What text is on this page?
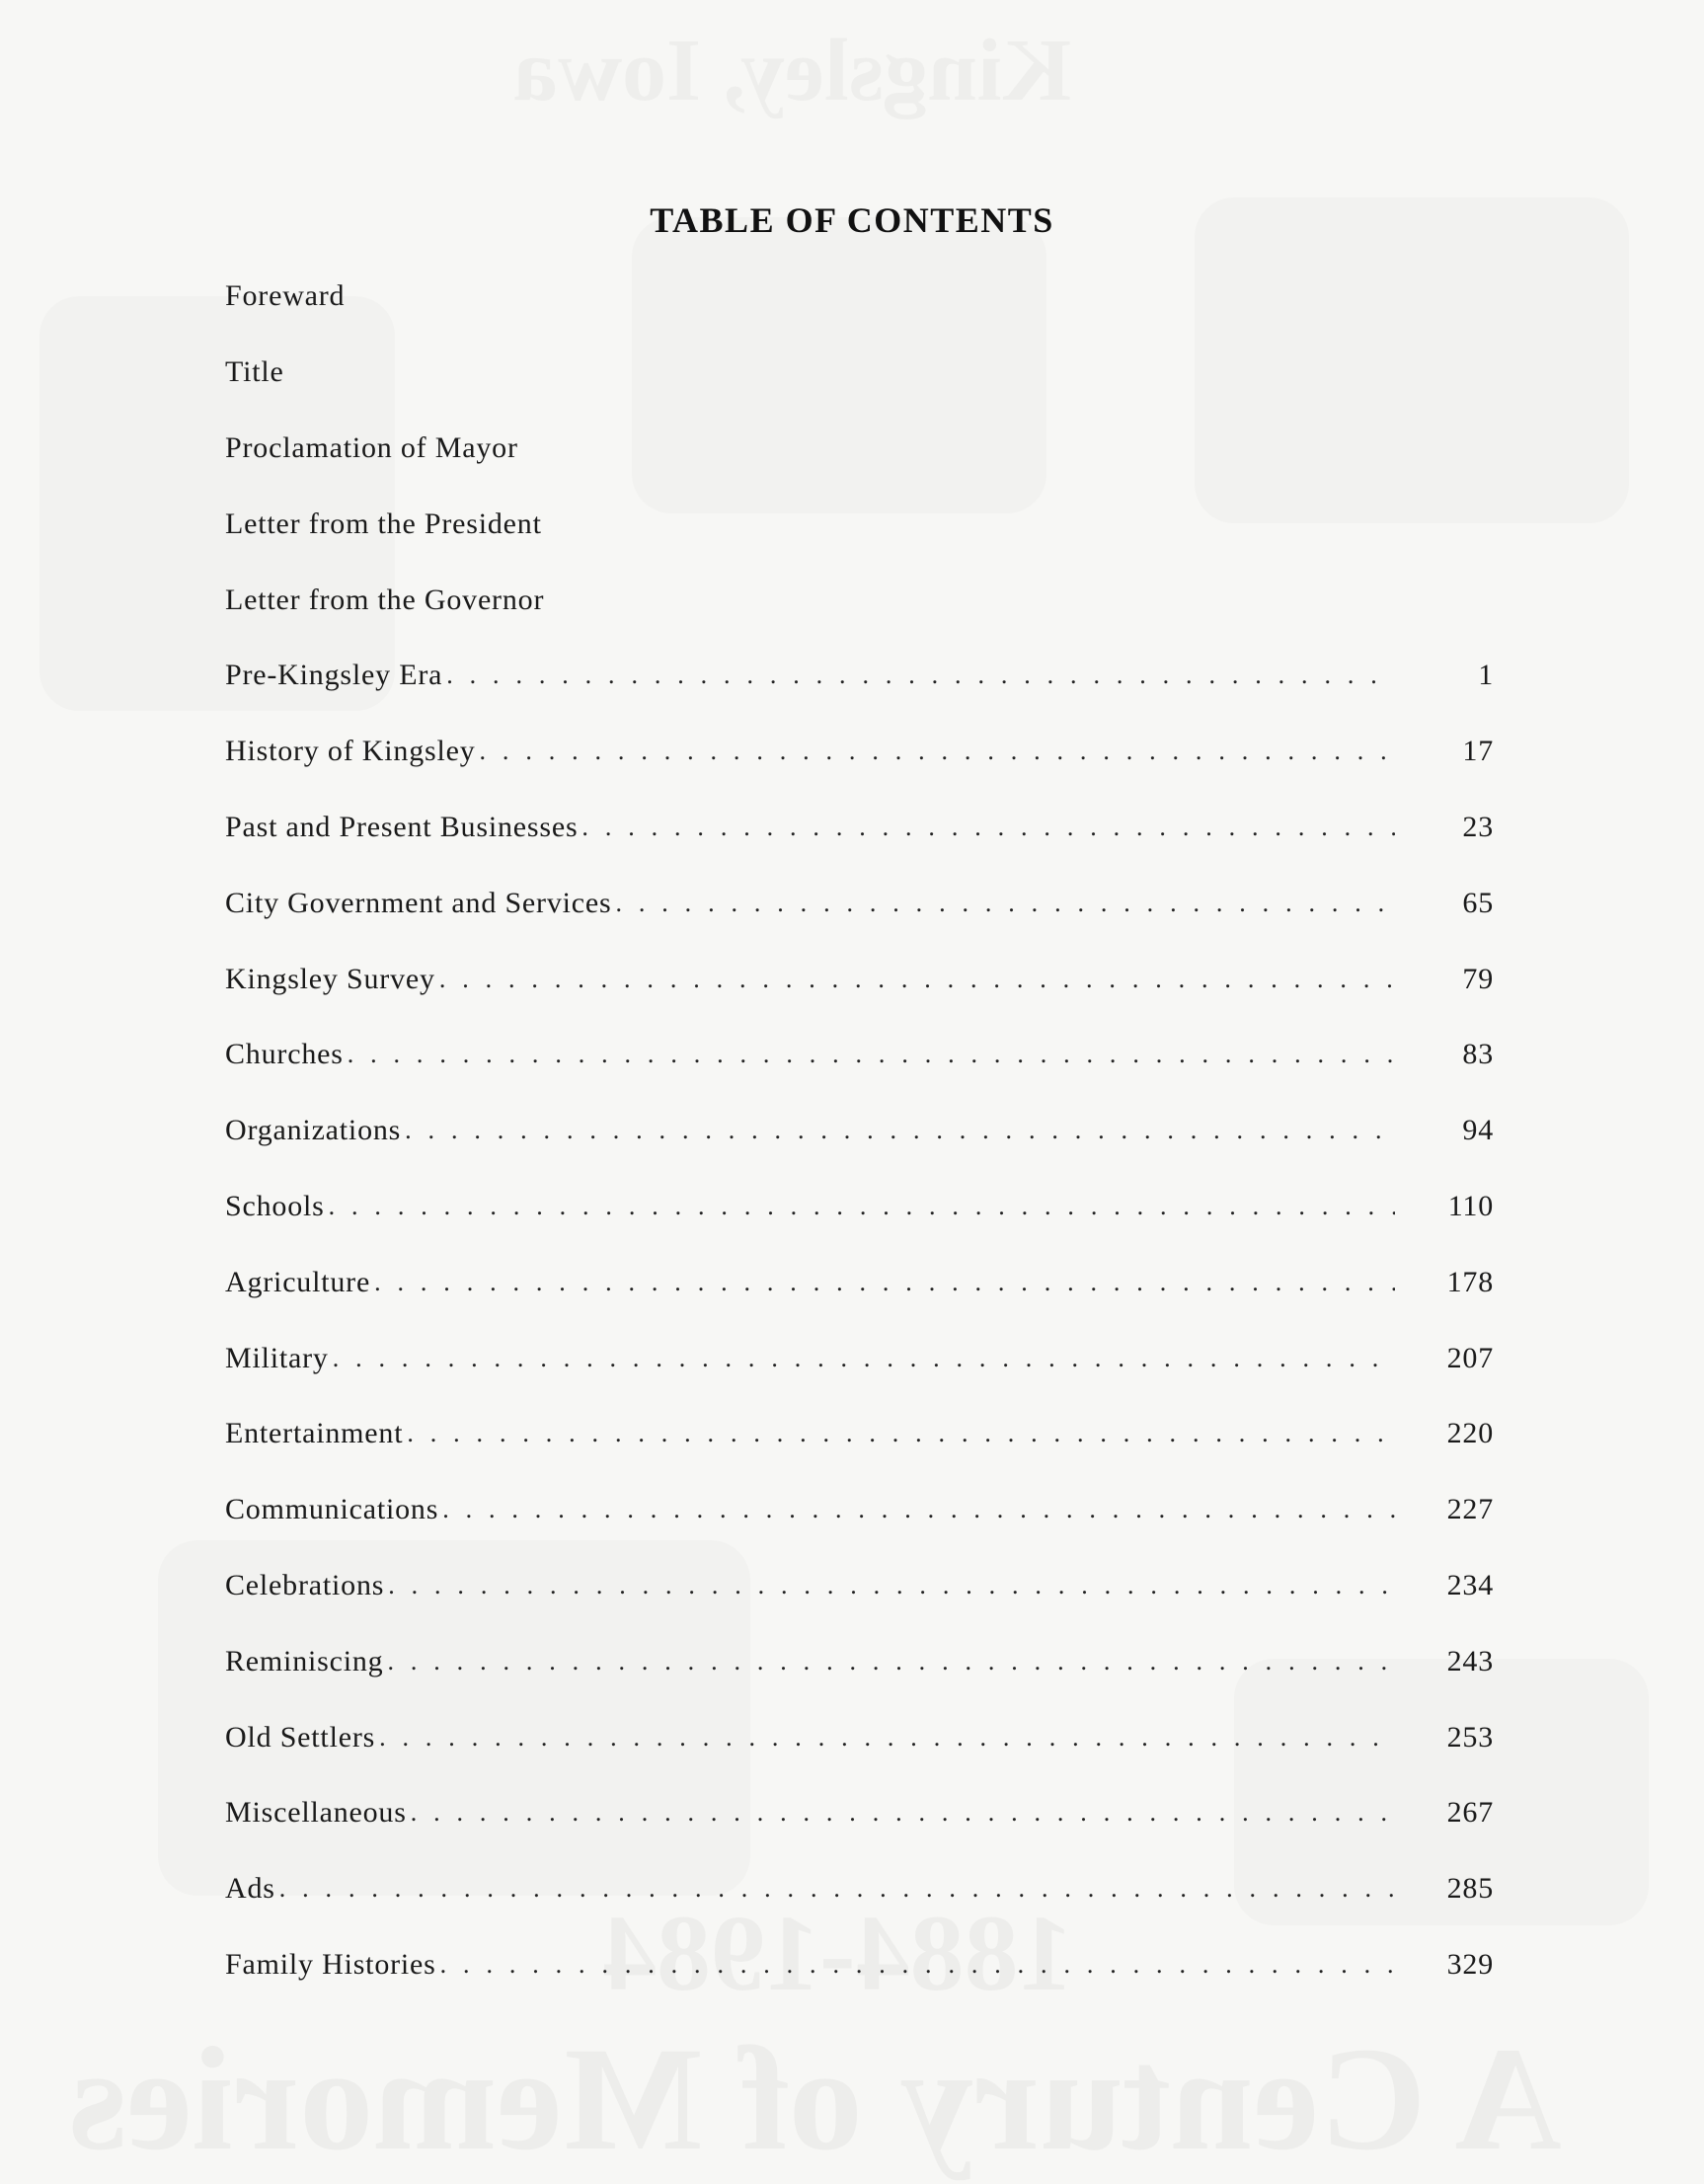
TABLE OF CONTENTS
Foreward
Title
Proclamation of Mayor
Letter from the President
Letter from the Governor
Pre-Kingsley Era . . .	1
History of Kingsley . . .	17
Past and Present Businesses . . .	23
City Government and Services . . .	65
Kingsley Survey . . .	79
Churches . . .	83
Organizations . . .	94
Schools . . .	110
Agriculture . . .	178
Military . . .	207
Entertainment . . .	220
Communications . . .	227
Celebrations . . .	234
Reminiscing . . .	243
Old Settlers . . .	253
Miscellaneous . . .	267
Ads . . .	285
Family Histories . . .	329
